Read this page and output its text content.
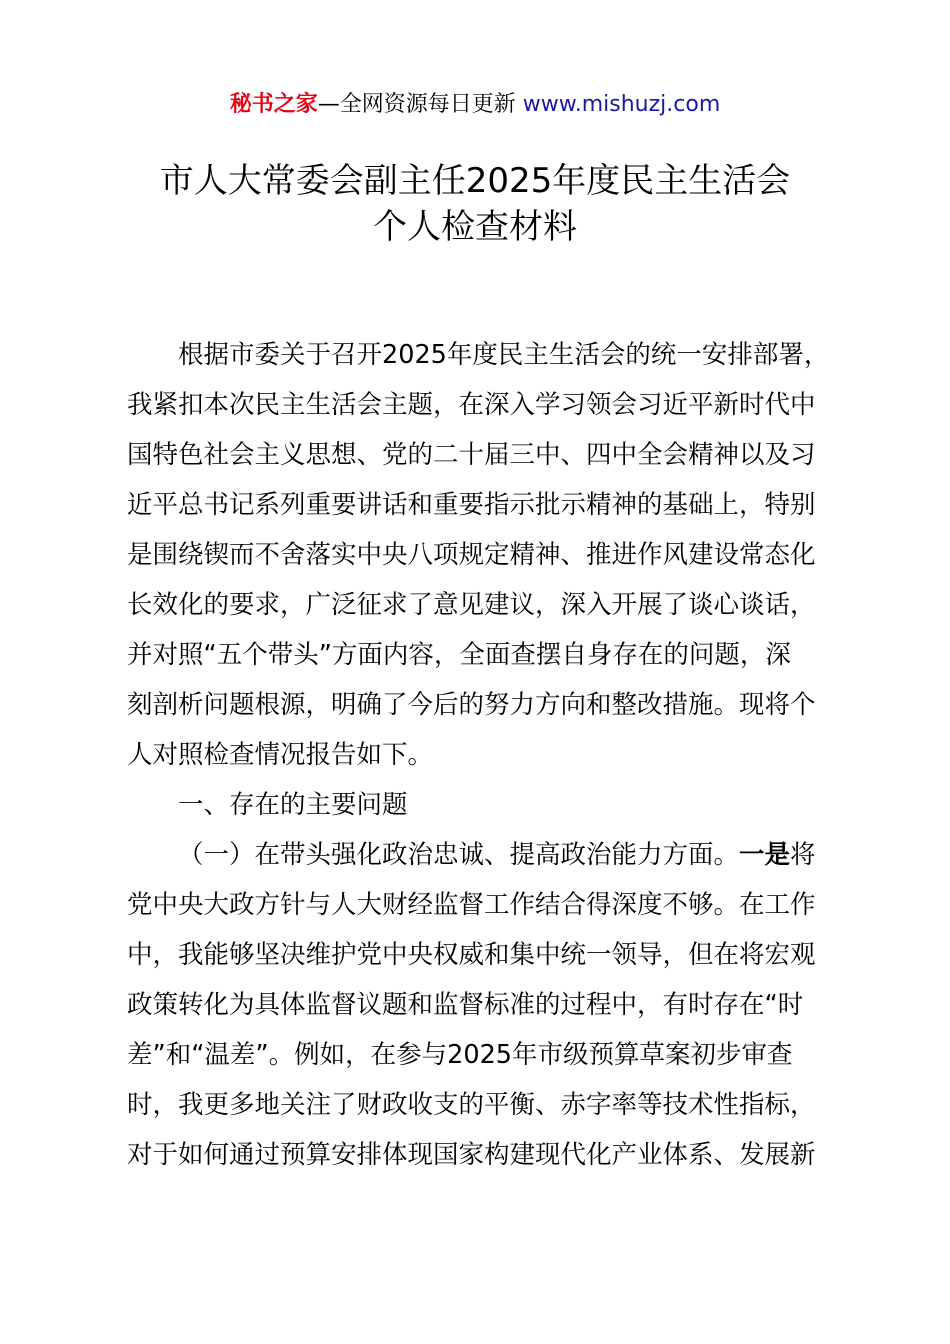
秘书之家—全网资源每日更新 www.mishuzj.com
市人大常委会副主任2025年度民主生活会
个人检查材料
根据市委关于召开2025年度民主生活会的统一安排部署，
我紧扣本次民主生活会主题，在深入学习领会习近平新时代中
国特色社会主义思想、党的二十届三中、四中全会精神以及习
近平总书记系列重要讲话和重要指示批示精神的基础上，特别
是围绕锲而不舍落实中央八项规定精神、推进作风建设常态化
长效化的要求，广泛征求了意见建议，深入开展了谈心谈话，
并对照“五个带头”方面内容，全面查摆自身存在的问题，深
刻剖析问题根源，明确了今后的努力方向和整改措施。现将个
人对照检查情况报告如下。
一、存在的主要问题
（一）在带头强化政治忠诚、提高政治能力方面。一是将
党中央大政方针与人大财经监督工作结合得深度不够。在工作
中，我能够坚决维护党中央权威和集中统一领导，但在将宏观
政策转化为具体监督议题和监督标准的过程中，有时存在“时
差”和“温差”。例如，在参与2025年市级预算草案初步审查
时，我更多地关注了财政收支的平衡、赤字率等技术性指标，
对于如何通过预算安排体现国家构建现代化产业体系、发展新
